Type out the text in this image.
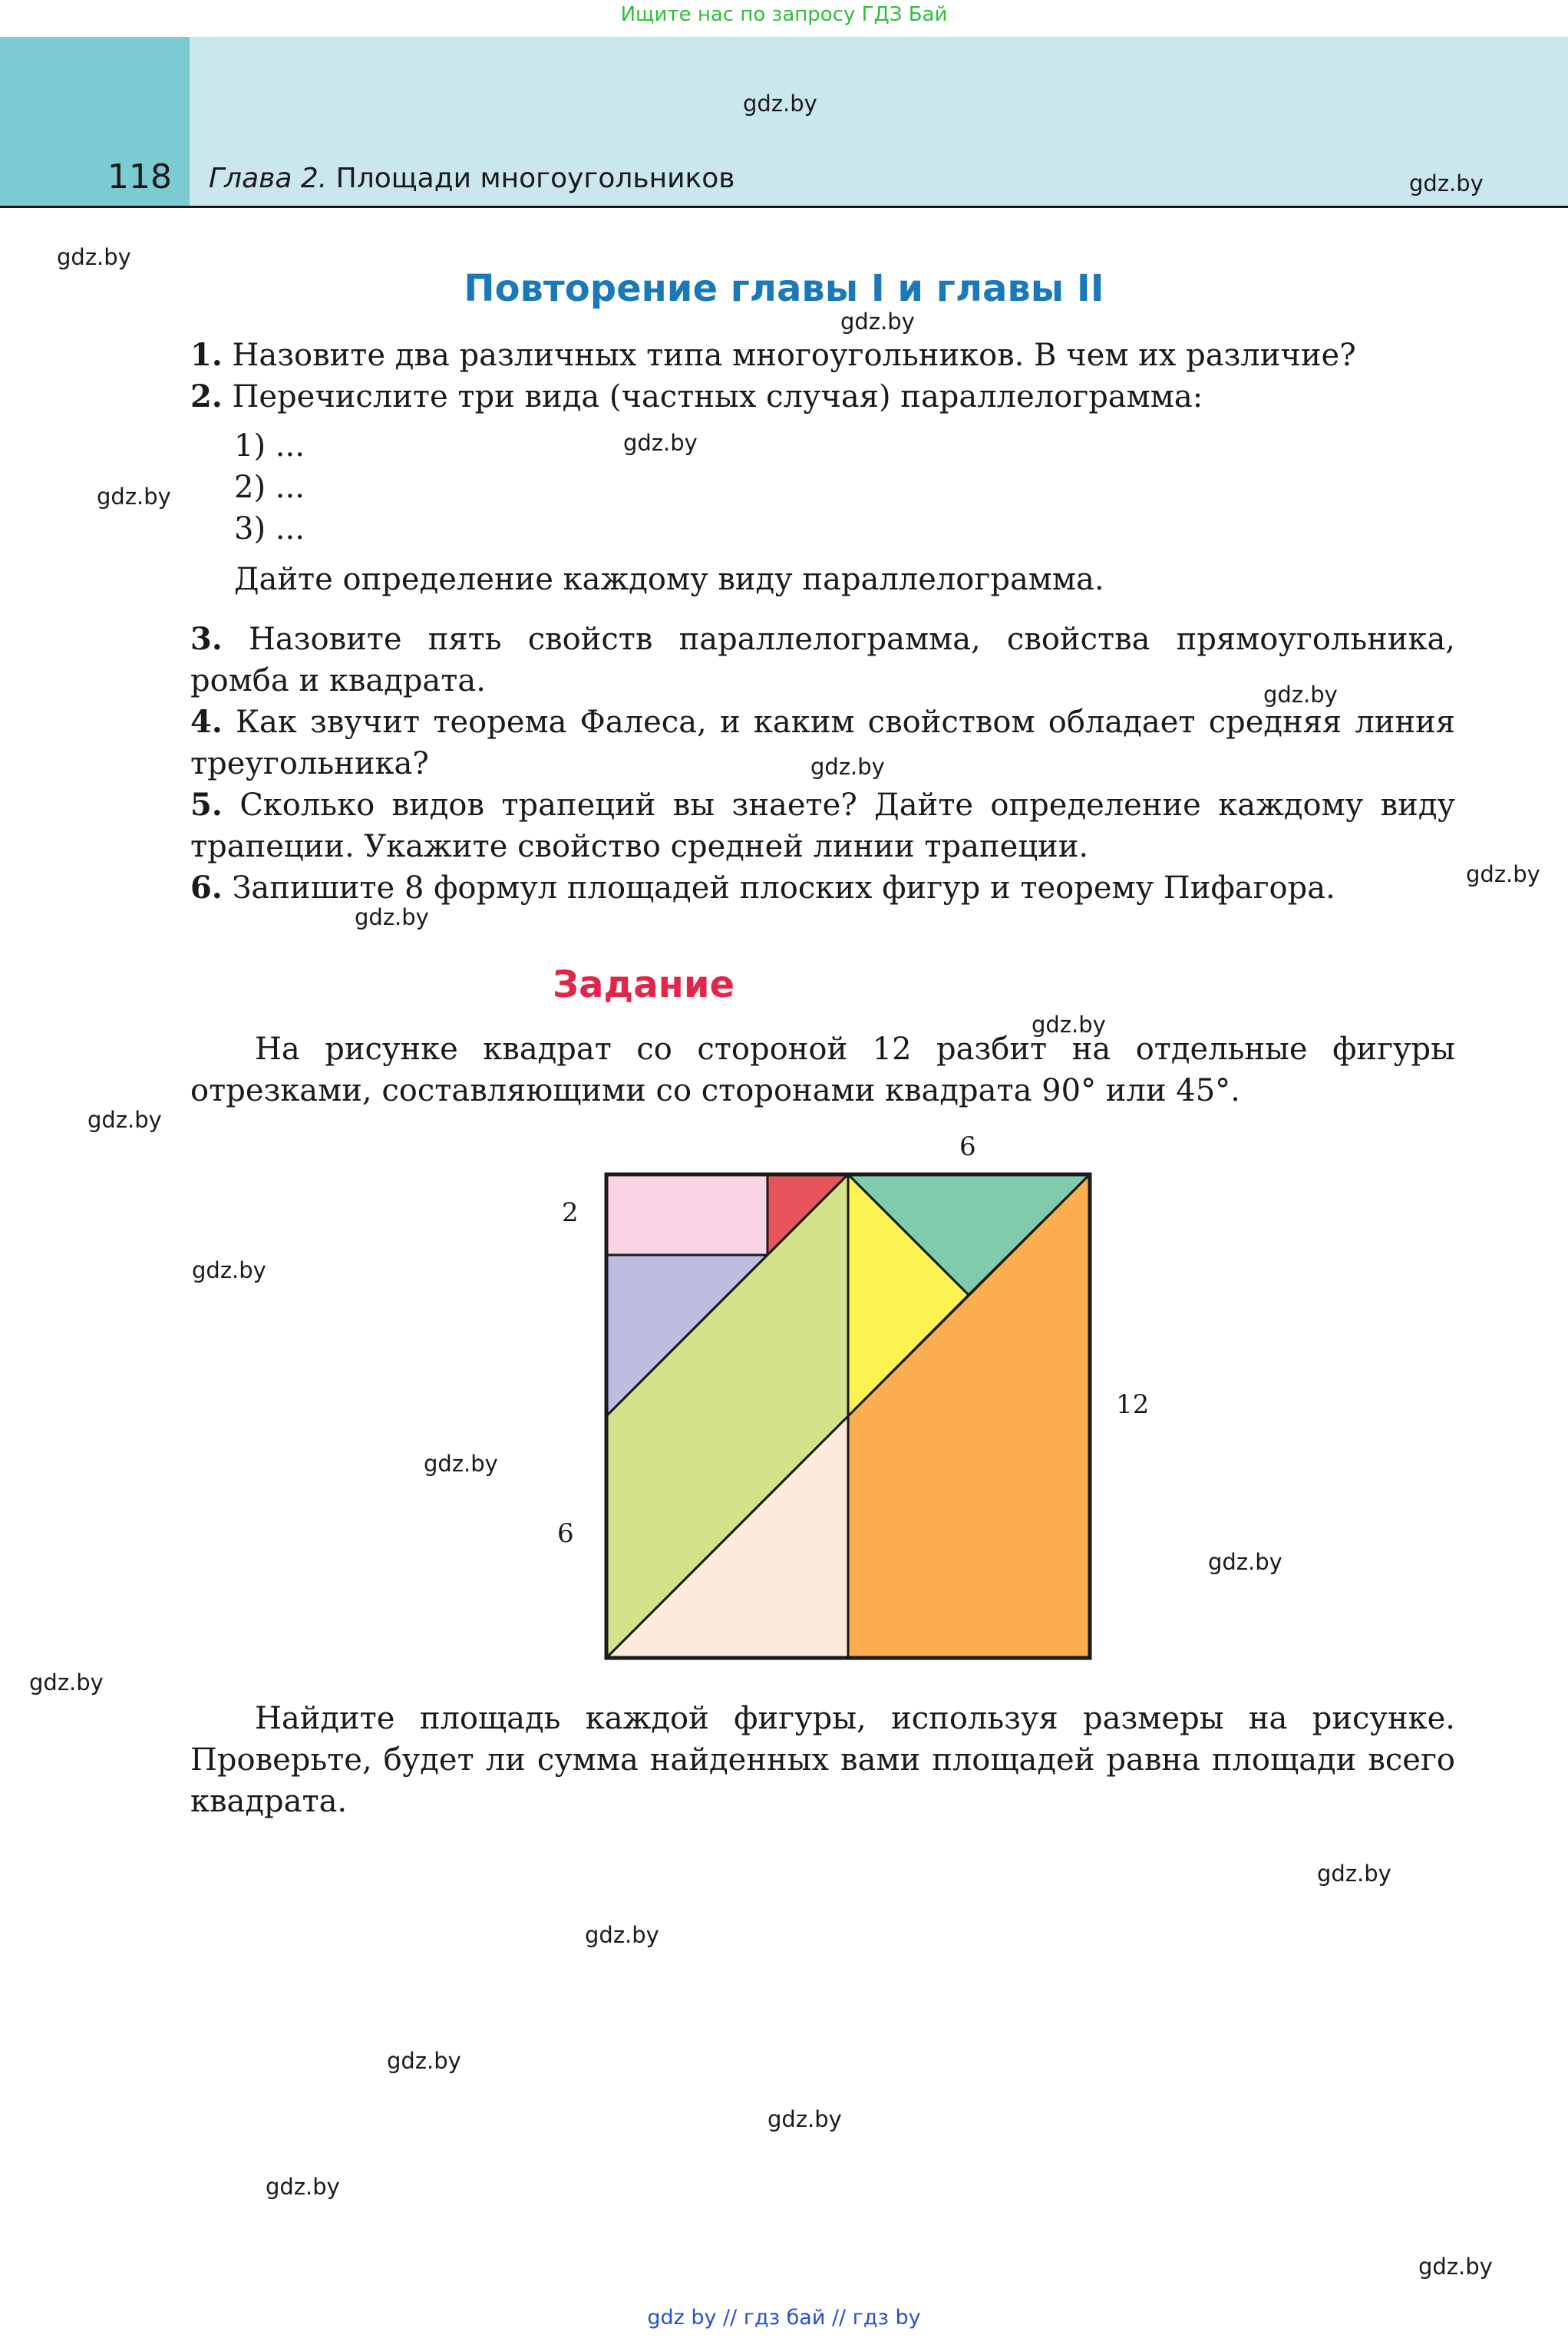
Ищите нас по запросу ГДЗ Бай
118 Глава 2. Площади многоугольников
gdz.by
gdz.by
gdz.by
gdz.by
gdz.by
gdz.by
gdz.by
gdz.by
gdz.by
gdz.by
gdz.by
gdz.by
gdz.by
gdz.by
gdz.by
gdz.by
gdz.by
gdz.by
gdz.by
gdz.by
gdz.by
gdz.by
Повторение главы I и главы II
1. Назовите два различных типа многоугольников. В чем их различие?
2. Перечислите три вида (частных случая) параллелограмма:
1) ...
2) ...
3) ...
Дайте определение каждому виду параллелограмма.
3. Назовите пять свойств параллелограмма, свойства прямоугольника, ромба и квадрата.
4. Как звучит теорема Фалеса, и каким свойством обладает средняя линия треугольника?
5. Сколько видов трапеций вы знаете? Дайте определение каждому виду трапеции. Укажите свойство средней линии трапеции.
6. Запишите 8 формул площадей плоских фигур и теорему Пифагора.
Задание
На рисунке квадрат со стороной 12 разбит на отдельные фигуры отрезками, составляющими со сторонами квадрата 90° или 45°.
6
2
12
6
Найдите площадь каждой фигуры, используя размеры на рисунке. Проверьте, будет ли сумма найденных вами площадей равна площади всего квадрата.
gdz by // гдз бай // гдз by
